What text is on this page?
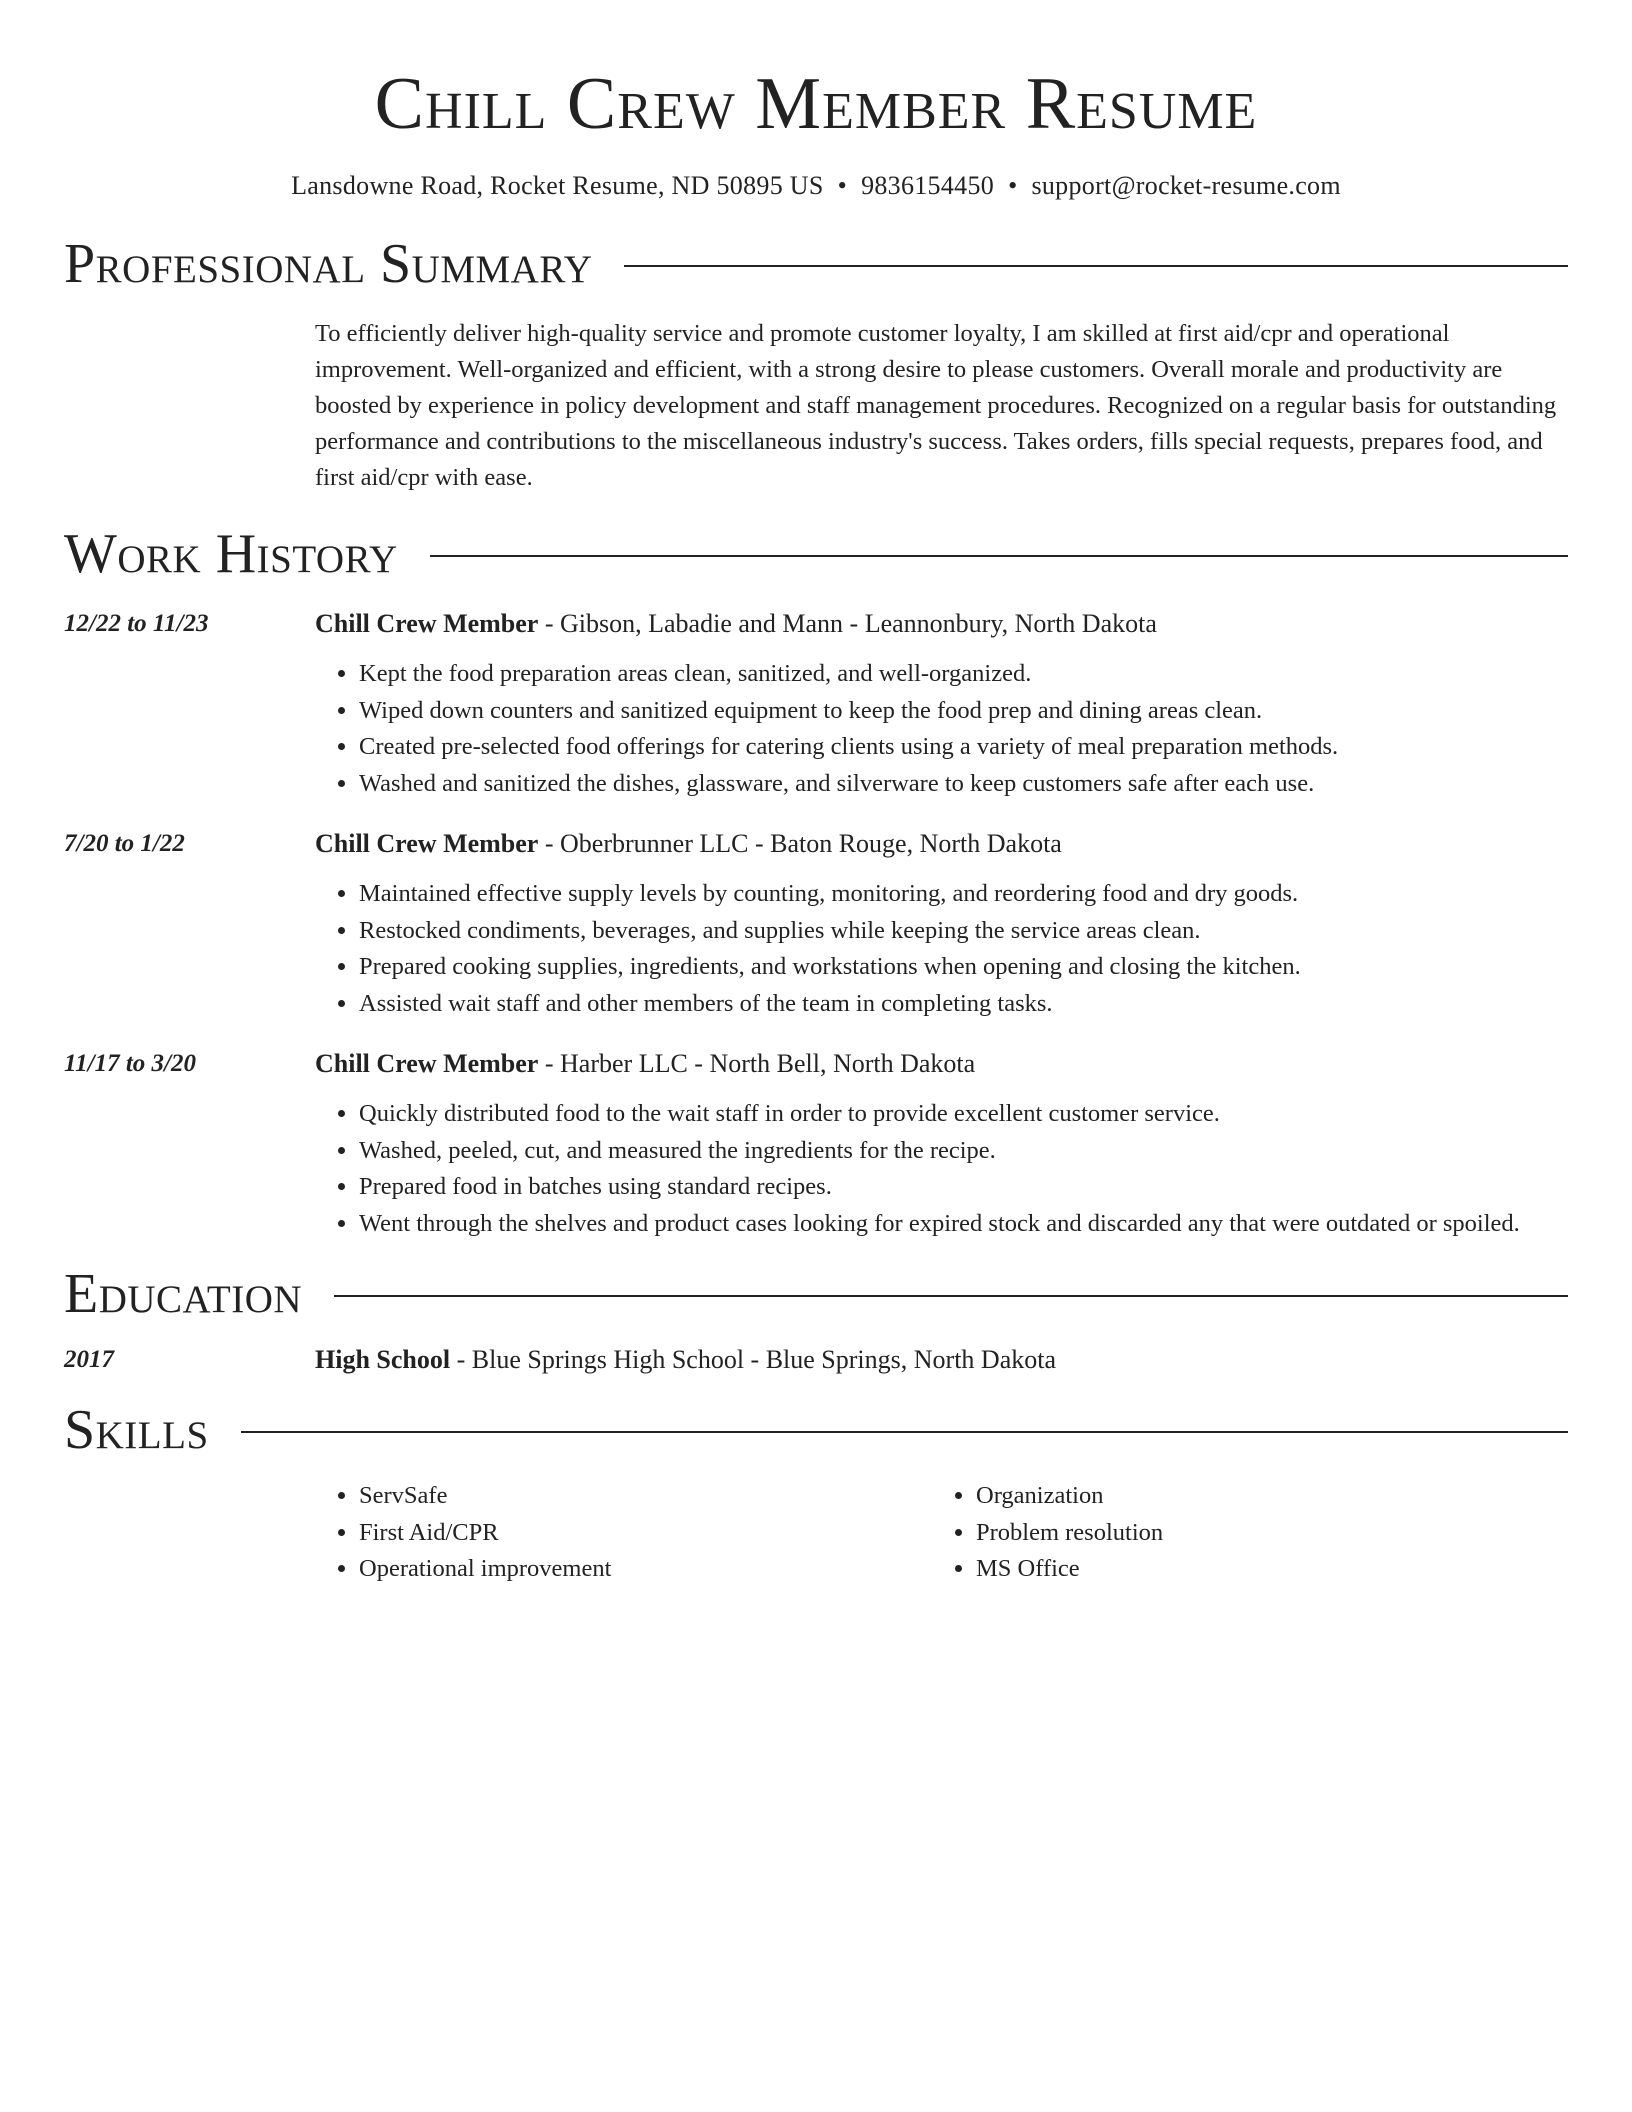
Chill Crew Member Resume
Lansdowne Road, Rocket Resume, ND 50895 US • 9836154450 • support@rocket-resume.com
Professional Summary
To efficiently deliver high-quality service and promote customer loyalty, I am skilled at first aid/cpr and operational improvement. Well-organized and efficient, with a strong desire to please customers. Overall morale and productivity are boosted by experience in policy development and staff management procedures. Recognized on a regular basis for outstanding performance and contributions to the miscellaneous industry's success. Takes orders, fills special requests, prepares food, and first aid/cpr with ease.
Work History
12/22 to 11/23	Chill Crew Member - Gibson, Labadie and Mann - Leannonbury, North Dakota
• Kept the food preparation areas clean, sanitized, and well-organized.
• Wiped down counters and sanitized equipment to keep the food prep and dining areas clean.
• Created pre-selected food offerings for catering clients using a variety of meal preparation methods.
• Washed and sanitized the dishes, glassware, and silverware to keep customers safe after each use.
7/20 to 1/22	Chill Crew Member - Oberbrunner LLC - Baton Rouge, North Dakota
• Maintained effective supply levels by counting, monitoring, and reordering food and dry goods.
• Restocked condiments, beverages, and supplies while keeping the service areas clean.
• Prepared cooking supplies, ingredients, and workstations when opening and closing the kitchen.
• Assisted wait staff and other members of the team in completing tasks.
11/17 to 3/20	Chill Crew Member - Harber LLC - North Bell, North Dakota
• Quickly distributed food to the wait staff in order to provide excellent customer service.
• Washed, peeled, cut, and measured the ingredients for the recipe.
• Prepared food in batches using standard recipes.
• Went through the shelves and product cases looking for expired stock and discarded any that were outdated or spoiled.
Education
2017	High School - Blue Springs High School - Blue Springs, North Dakota
Skills
• ServSafe
• First Aid/CPR
• Operational improvement
• Organization
• Problem resolution
• MS Office
